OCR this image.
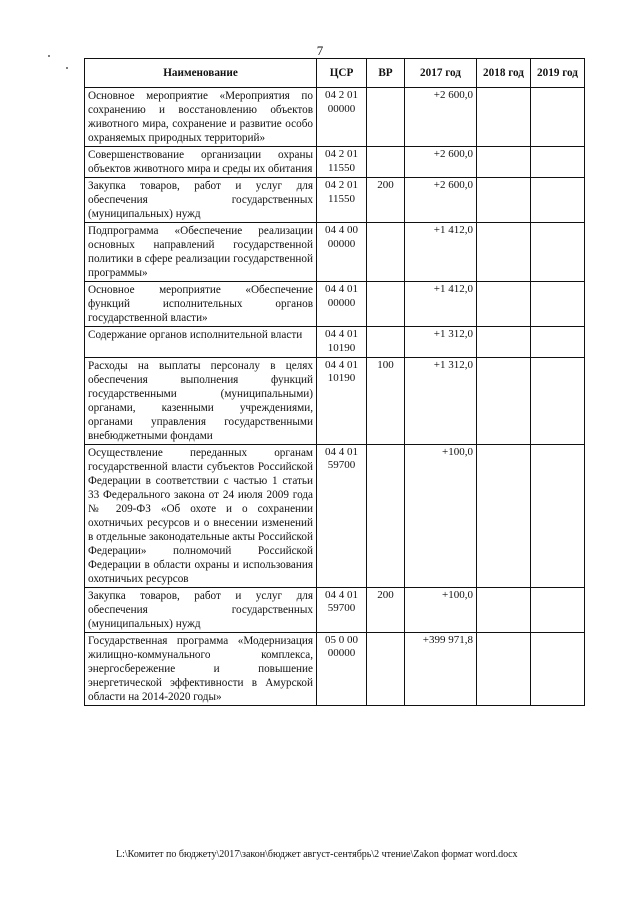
7
Наименование	ЦСР	ВР	2017 год	2018 год	2019 год
Основное мероприятие «Мероприятия по сохранению и восстановлению объектов животного мира, сохранение и развитие особо охраняемых природных территорий»	04 2 01 00000		+2 600,0		
Совершенствование организации охраны объектов животного мира и среды их обитания	04 2 01 11550		+2 600,0		
Закупка товаров, работ и услуг для обеспечения государственных (муниципальных) нужд	04 2 01 11550	200	+2 600,0		
Подпрограмма «Обеспечение реализации основных направлений государственной политики в сфере реализации государственной программы»	04 4 00 00000		+1 412,0		
Основное мероприятие «Обеспечение функций исполнительных органов государственной власти»	04 4 01 00000		+1 412,0		
Содержание органов исполнительной власти	04 4 01 10190		+1 312,0		
Расходы на выплаты персоналу в целях обеспечения выполнения функций государственными (муниципальными) органами, казенными учреждениями, органами управления государственными внебюджетными фондами	04 4 01 10190	100	+1 312,0		
Осуществление переданных органам государственной власти субъектов Российской Федерации в соответствии с частью 1 статьи 33 Федерального закона от 24 июля 2009 года № 209-ФЗ «Об охоте и о сохранении охотничьих ресурсов и о внесении изменений в отдельные законодательные акты Российской Федерации» полномочий Российской Федерации в области охраны и использования охотничьих ресурсов	04 4 01 59700		+100,0		
Закупка товаров, работ и услуг для обеспечения государственных (муниципальных) нужд	04 4 01 59700	200	+100,0		
Государственная программа «Модернизация жилищно-коммунального комплекса, энергосбережение и повышение энергетической эффективности в Амурской области на 2014-2020 годы»	05 0 00 00000		+399 971,8		
L:\Комитет по бюджету\2017\закон\бюджет август-сентябрь\2 чтение\Zakon формат word.docx
